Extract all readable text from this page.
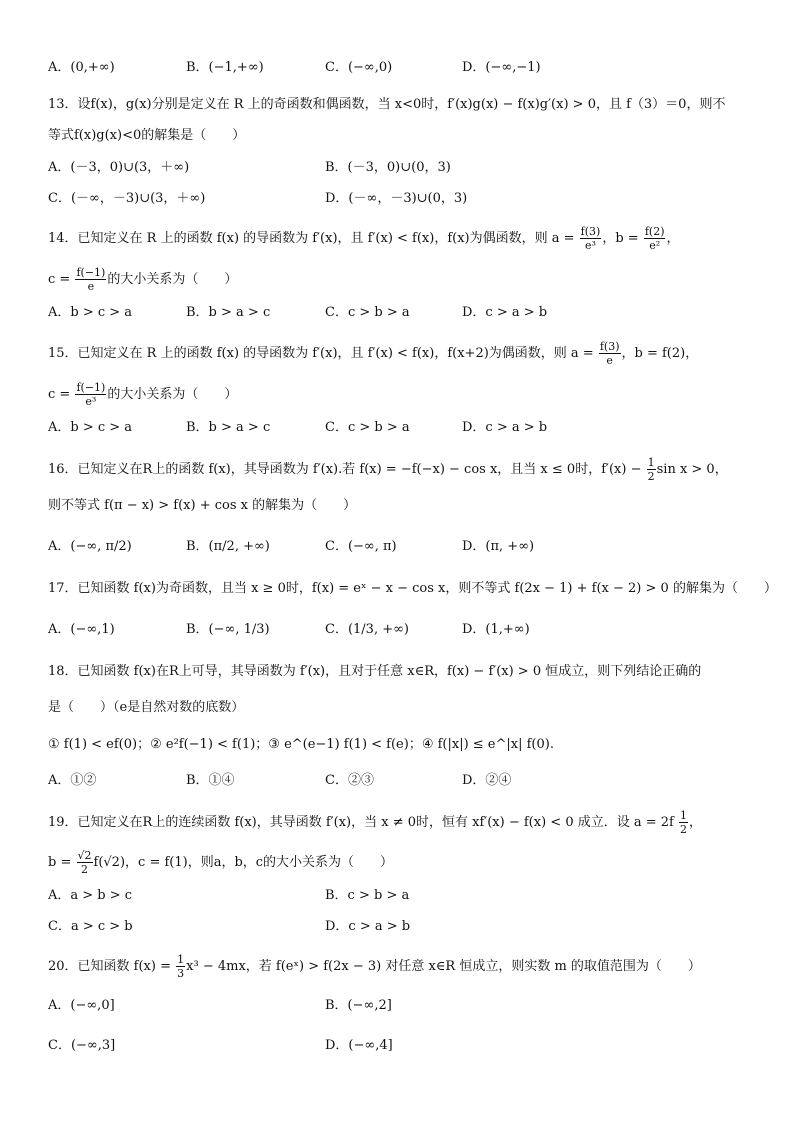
A．(0,+∞)	B．(−1,+∞)	C．(−∞,0)	D．(−∞,−1)
13．设f(x)，g(x)分别是定义在 R 上的奇函数和偶函数，当 x<0时，f′(x)g(x) − f(x)g′(x) > 0，且 f（3）＝0，则不
等式f(x)g(x)<0的解集是（　　）
A．(－3，0)∪(3，＋∞)	B．(－3，0)∪(0，3)
C．(－∞，－3)∪(3，＋∞)	D．(－∞，－3)∪(0，3)
14．已知定义在 R 上的函数 f(x) 的导函数为 f′(x)，且 f′(x) < f(x)，f(x)为偶函数，则 $a = \frac{f(3)}{\text{e³}}$ ，$b = \frac{f(2)}{\text{e²}}$ ，
$c = \frac{f(-1)}{e}$ 的大小关系为（　　）
A．b > c > a	B．b > a > c	C．c > b > a	D．c > a > b
15．已知定义在 R 上的函数 f(x) 的导函数为 f′(x)，且 f′(x) < f(x)，f(x+2)为偶函数，则 $a = \frac{f(3)}{e}$ ，b = f(2)，
$c = \frac{f(-1)}{\text{e³}}$ 的大小关系为（　　）
A．b > c > a	B．b > a > c	C．c > b > a	D．c > a > b
16．已知定义在R上的函数 f(x)，其导函数为 f′(x).若 f(x) = −f(−x) − cos x，且当 x ≤ 0时，$f'(x) - \frac{1}{2}$ sin x > 0，
则不等式 f(π − x) > f(x) + cos x 的解集为（　　）
A．(−∞, π/2)	B．(π/2, +∞)	C．(−∞, π)	D．(π, +∞)
17．已知函数 f(x)为奇函数，且当 x ≥ 0时，f(x) = eˣ − x − cos x，则不等式 f(2x − 1) + f(x − 2) > 0 的解集为（　　）
A．(−∞,1)	B．(−∞, 1/3)	C．(1/3, +∞)	D．(1,+∞)
18．已知函数 f(x)在R上可导，其导函数为 f′(x)，且对于任意 x∈R，f(x) − f′(x) > 0 恒成立，则下列结论正确的
是（　　）（e是自然对数的底数）
① f(1) < ef(0)；② e²f(−1) < f(1)；③ e^(e−1) f(1) < f(e)；④ f(|x|) ≤ e^|x| f(0).
A．①②	B．①④	C．②③	D．②④
19．已知定义在R上的连续函数 f(x)，其导函数 f′(x)，当 x ≠ 0时，恒有 xf′(x) − f(x) < 0 成立．设 $a = 2f \frac{1}{2}$ ，
$b = \frac{√2}{2} f(√2)$，c = f(1)，则a，b，c的大小关系为（　　）
A．a > b > c	B．c > b > a
C．a > c > b	D．c > a > b
20．已知函数 $f(x) = \frac{1}{3} x^3 - 4mx$，若 f(eˣ) > f(2x − 3) 对任意 x∈R 恒成立，则实数 m 的取值范围为（　　）
A．(−∞,0]	B．(−∞,2]
C．(−∞,3]	D．(−∞,4]
